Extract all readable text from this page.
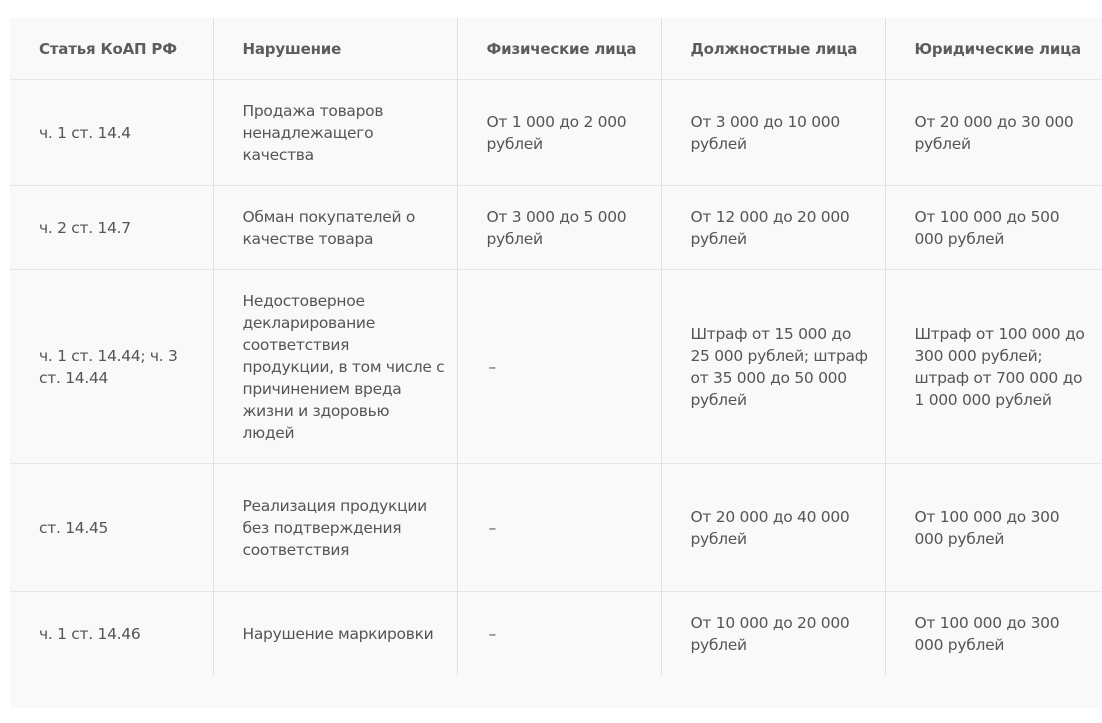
Статья КоАП РФ	Нарушение	Физические лица	Должностные лица	Юридические лица
ч. 1 ст. 14.4	Продажа товаров ненадлежащего качества	От 1 000 до 2 000 рублей	От 3 000 до 10 000 рублей	От 20 000 до 30 000 рублей
ч. 2 ст. 14.7	Обман покупателей о качестве товара	От 3 000 до 5 000 рублей	От 12 000 до 20 000 рублей	От 100 000 до 500 000 рублей
ч. 1 ст. 14.44; ч. 3 ст. 14.44	Недостоверное декларирование соответствия продукции, в том числе с причинением вреда жизни и здоровью людей	–	Штраф от 15 000 до 25 000 рублей; штраф от 35 000 до 50 000 рублей	Штраф от 100 000 до 300 000 рублей; штраф от 700 000 до 1 000 000 рублей
ст. 14.45	Реализация продукции без подтверждения соответствия	–	От 20 000 до 40 000 рублей	От 100 000 до 300 000 рублей
ч. 1 ст. 14.46	Нарушение маркировки	–	От 10 000 до 20 000 рублей	От 100 000 до 300 000 рублей
